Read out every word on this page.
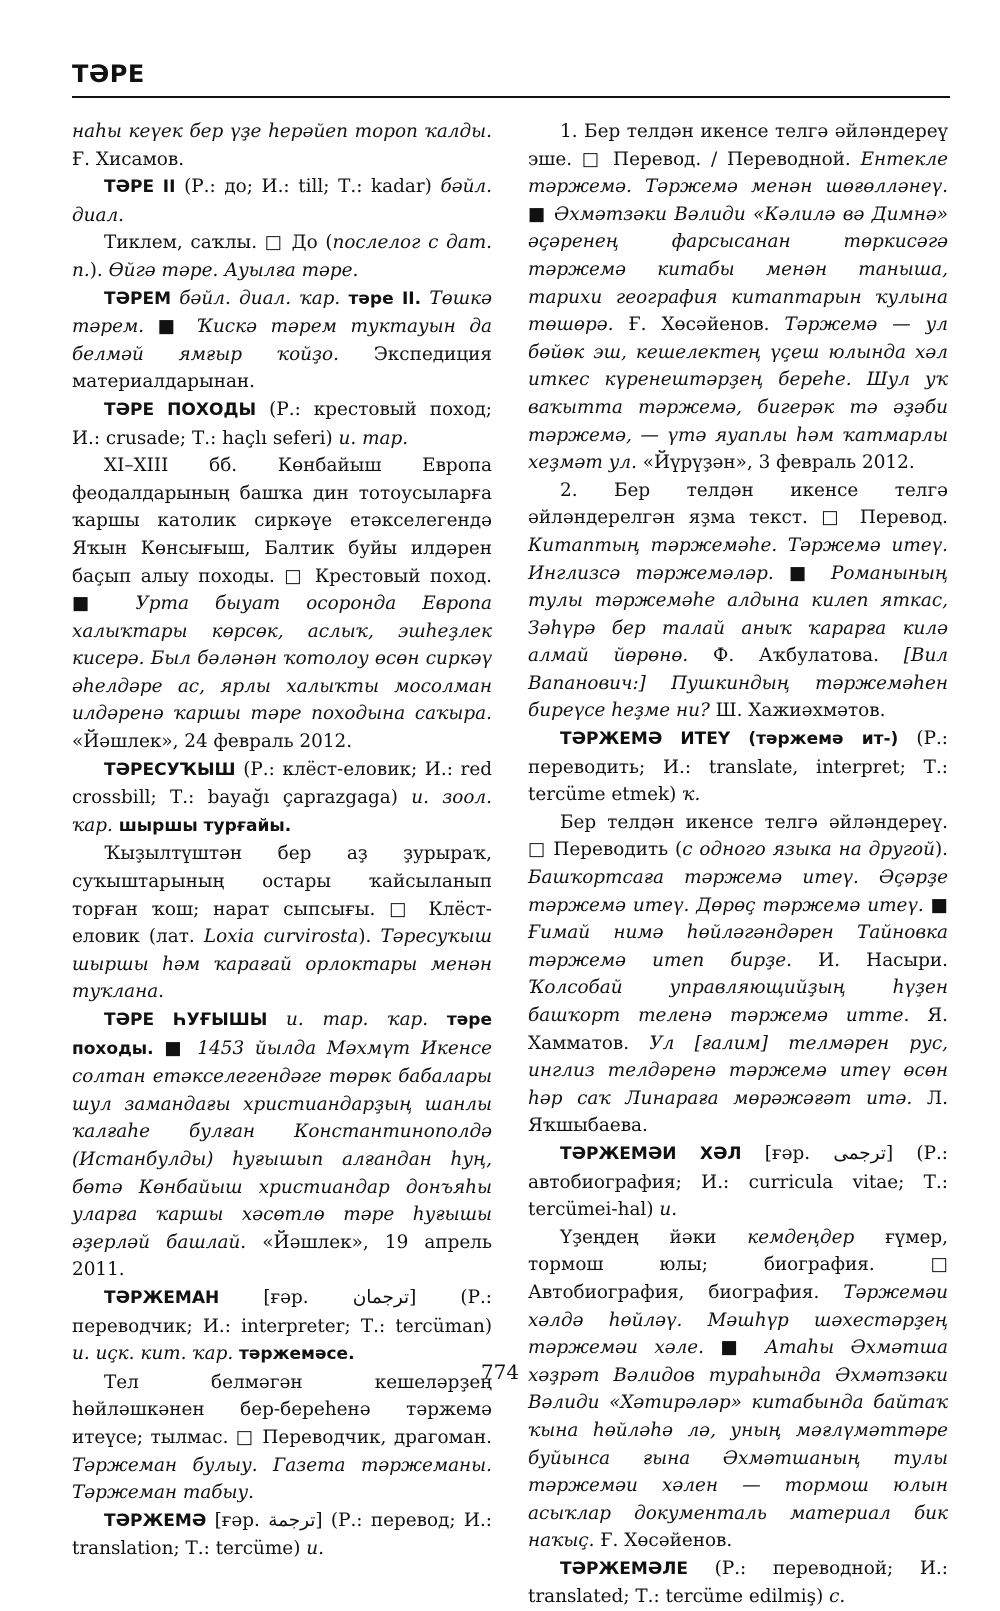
ТӘРЕ

наһы кеүек бер үҙе һерәйеп тороп ҡалды. Ғ. Хисамов.

ТӘРЕ II (Р.: до; И.: till; Т.: kadar) бәйл. диал.

Тиклем, саҡлы. □ До (послелог с дат. п.). Өйгә тәре. Ауылға тәре.

ТӘРЕМ бәйл. диал. ҡар. тәре II. Төшкә тәрем. ■ Ҡискә тәрем туктауын да белмәй ямғыр ҡойҙо. Экспедиция материалдарынан.

ТӘРЕ ПОХОДЫ (Р.: крестовый поход; И.: crusade; Т.: haçlı seferi) и. тар.

XI–XIII бб. Көнбайыш Европа феодалдарының башҡа дин тотоусыларға ҡаршы католик сиркәүе етәкселегендә Яҡын Көнсығыш, Балтик буйы илдәрен баҫып алыу походы. □ Крестовый поход. ■ Урта быуат осоронда Европа халыҡтары көрсөк, аслыҡ, эшһеҙлек кисерә. Был бәләнән ҡотолоу өсөн сиркәү әһелдәре ас, ярлы халыҡты мосолман илдәренә ҡаршы тәре походына саҡыра. «Йәшлек», 24 февраль 2012.

ТӘРЕСУҠЫШ (Р.: клёст-еловик; И.: red crossbill; Т.: bayağı çaprazgaga) и. зоол. ҡар. шыршы турғайы.

Ҡыҙылтүштән бер аҙ ҙурыраҡ, суҡыштарының остары ҡайсыланып торған ҡош; нарат сыпсығы. □ Клёст-еловик (лат. Loxia curvirosta). Тәресуҡыш шыршы һәм ҡарағай орлоктары менән туҡлана.

ТӘРЕ ҺУҒЫШЫ и. тар. ҡар. тәре походы. ■ 1453 йылда Мәхмүт Икенсе солтан етәкселегендәге төрөк бабалары шул замандағы христиандарҙың шанлы ҡалғаһе булған Константинополдә (Истанбулды) һуғышып алғандан һуң, бөтә Көнбайыш христиандар донъяһы уларға ҡаршы хәсөтлө тәре һуғышы әҙерләй башлай. «Йәшлек», 19 апрель 2011.

ТӘРЖЕМАН [ғәр. ترجمان] (Р.: переводчик; И.: interpreter; Т.: tercüman) и. иҫк. кит. ҡар. тәржемәсе.

Тел белмәгән кешеләрҙең һөйләшкәнен бер-береһенә тәржемә итеүсе; тылмас. □ Переводчик, драгоман. Тәржеман булыу. Газета тәржеманы. Тәржеман табыу.

ТӘРЖЕМӘ [ғәр. ترجمة] (Р.: перевод; И.: translation; Т.: tercüme) и.

1. Бер телдән икенсе телгә әйләндереү эше. □ Перевод. / Переводной. Ентекле тәржемә. Тәржемә менән шөғөлләнеү. ■ Әхмәтзәки Вәлиди «Кәлилә вә Димнә» әҫәренең фарсысанан төркисәгә тәржемә китабы менән таныша, тарихи география китаптарын ҡулына төшөрә. Ғ. Хөсәйенов. Тәржемә — ул бөйөк эш, кешелектең үҫеш юлында хәл иткес күренештәрҙең береһе. Шул уҡ ваҡытта тәржемә, бигерәк тә әҙәби тәржемә, — үтә яуаплы һәм ҡатмарлы хеҙмәт ул. «Йүрүҙән», 3 февраль 2012.

2. Бер телдән икенсе телгә әйләндерелгән яҙма текст. □ Перевод. Китаптың тәржемәһе. Тәржемә итеү. Инглизсә тәржемәләр. ■ Романының тулы тәржемәһе алдына килеп яткас, Зәһүрә бер талай аныҡ ҡарарға килә алмай йөрөнө. Ф. Аҡбулатова. [Вил Вапанович:] Пушкиндың тәржемәһен биреүсе һеҙме ни? Ш. Хажиәхмәтов.

ТӘРЖЕМӘ ИТЕҮ (тәржемә ит-) (Р.: переводить; И.: translate, interpret; Т.: tercüme etmek) ҡ.

Бер телдән икенсе телгә әйләндереү. □ Переводить (с одного языка на другой). Башҡортсаға тәржемә итеү. Әҫәрҙе тәржемә итеү. Дөрөҫ тәржемә итеү. ■ Ғимай нимә һөйләгәндәрен Тайновка тәржемә итеп бирҙе. И. Насыри. Ҡолсобай управляющийҙың һүҙен башҡорт теленә тәржемә итте. Я. Хамматов. Ул [ғалим] телмәрен рус, инглиз телдәренә тәржемә итеү өсөн һәр саҡ Линараға мөрәжәғәт итә. Л. Яҡшыбаева.

ТӘРЖЕМӘИ ХӘЛ [ғәр. ترجمى] (Р.: автобиография; И.: curricula vitae; Т.: tercümei-hal) и.

Үҙеңдең йәки кемдеңдер ғүмер, тормош юлы; биография. □ Автобиография, биография. Тәржемәи хәлдә һөйләү. Мәшһүр шәхестәрҙең тәржемәи хәле. ■ Атаһы Әхмәтша хәҙрәт Вәлидов тураһында Әхмәтзәки Вәлиди «Хәтирәләр» китабында байтаҡ ҡына һөйләһә лә, уның мәғлүмәттәре буйынса ғына Әхмәтшаның тулы тәржемәи хәлен — тормош юлын асыҡлар документаль материал бик наҡыҫ. Ғ. Хөсәйенов.

ТӘРЖЕМӘЛЕ (Р.: переводной; И.: translated; Т.: tercüme edilmiş) с.

774
